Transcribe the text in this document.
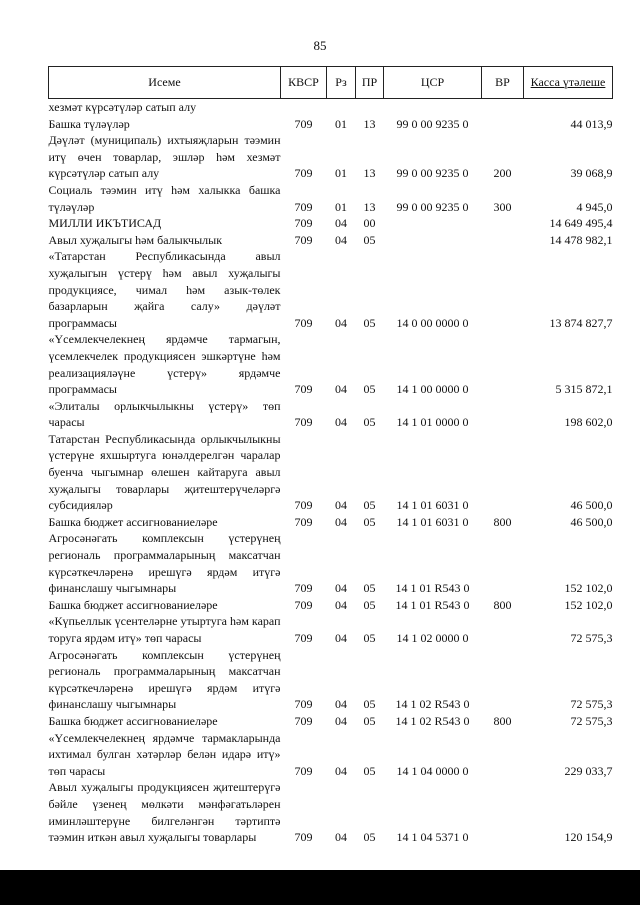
85
Исеме	КВСР	Рз	ПР	ЦСР	ВР	Касса үтәлеше

хезмәт күрсәтүләр сатып алу						
Башка түләүләр	709	01	13	99 0 00 9235 0		44 013,9
Дәүләт (муниципаль) ихтыяҗларын тәэмин итү өчен товарлар, эшләр һәм хезмәт күрсәтүләр сатып алу	709	01	13	99 0 00 9235 0	200	39 068,9
Социаль тәэмин итү һәм халыкка башка түләүләр	709	01	13	99 0 00 9235 0	300	4 945,0
МИЛЛИ ИКЪТИСАД	709	04	00			14 649 495,4
Авыл хуҗалыгы һәм балыкчылык	709	04	05			14 478 982,1
«Татарстан Республикасында авыл хуҗалыгын үстерү һәм авыл хуҗалыгы продукциясе, чимал һәм азык-төлек базарларын җайга салу» дәүләт программасы	709	04	05	14 0 00 0000 0		13 874 827,7
«Үсемлекчелекнең ярдәмче тармагын, үсемлекчелек продукциясен эшкәртүне һәм реализацияләүне үстерү» ярдәмче программасы	709	04	05	14 1 00 0000 0		5 315 872,1
«Элиталы орлыкчылыкны үстерү» төп чарасы	709	04	05	14 1 01 0000 0		198 602,0
Татарстан Республикасында орлыкчылыкны үстерүне яхшыртуга юнәлдерелгән чаралар буенча чыгымнар өлешен кайтаруга авыл хуҗалыгы товарлары җитештерүчеләргә субсидияләр	709	04	05	14 1 01 6031 0		46 500,0
Башка бюджет ассигнованиеләре	709	04	05	14 1 01 6031 0	800	46 500,0
Агросәнәгать комплексын үстерүнең региональ программаларының максатчан күрсәткечләренә ирешүгә ярдәм итүгә финанслашу чыгымнары	709	04	05	14 1 01 R543 0		152 102,0
Башка бюджет ассигнованиеләре	709	04	05	14 1 01 R543 0	800	152 102,0
«Күпьеллык үсентеләрне утыртуга һәм карап торуга ярдәм итү» төп чарасы	709	04	05	14 1 02 0000 0		72 575,3
Агросәнәгать комплексын үстерүнең региональ программаларының максатчан күрсәткечләренә ирешүгә ярдәм итүгә финанслашу чыгымнары	709	04	05	14 1 02 R543 0		72 575,3
Башка бюджет ассигнованиеләре	709	04	05	14 1 02 R543 0	800	72 575,3
«Үсемлекчелекнең ярдәмче тармакларында ихтимал булган хәтәрләр белән идарә итү» төп чарасы	709	04	05	14 1 04 0000 0		229 033,7
Авыл хуҗалыгы продукциясен җитештерүгә бәйле үзенең мөлкәти мәнфәгатьләрен иминләштерүне билгеләнгән тәртиптә тәэмин иткән авыл хуҗалыгы товарлары	709	04	05	14 1 04 5371 0		120 154,9
